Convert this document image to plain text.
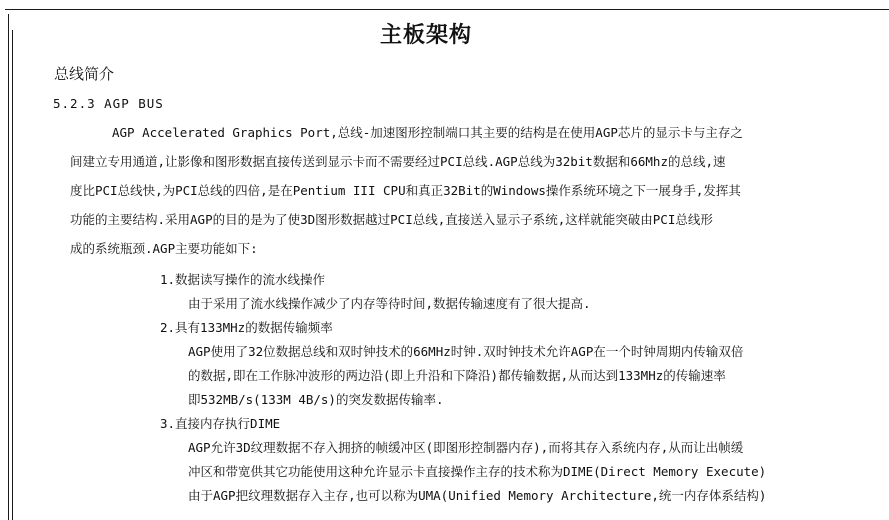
主板架构
总线简介
5.2.3 AGP BUS
AGP Accelerated Graphics Port,总线-加速图形控制端口其主要的结构是在使用AGP芯片的显示卡与主存之
间建立专用通道,让影像和图形数据直接传送到显示卡而不需要经过PCI总线.AGP总线为32bit数据和66Mhz的总线,速
度比PCI总线快,为PCI总线的四倍,是在Pentium III CPU和真正32Bit的Windows操作系统环境之下一展身手,发挥其
功能的主要结构.采用AGP的目的是为了使3D图形数据越过PCI总线,直接送入显示子系统,这样就能突破由PCI总线形
成的系统瓶颈.AGP主要功能如下:
1.数据读写操作的流水线操作
由于采用了流水线操作减少了内存等待时间,数据传输速度有了很大提高.
2.具有133MHz的数据传输频率
AGP使用了32位数据总线和双时钟技术的66MHz时钟.双时钟技术允许AGP在一个时钟周期内传输双倍
的数据,即在工作脉冲波形的两边沿(即上升沿和下降沿)都传输数据,从而达到133MHz的传输速率
即532MB/s(133M 4B/s)的突发数据传输率.
3.直接内存执行DIME
AGP允许3D纹理数据不存入拥挤的帧缓冲区(即图形控制器内存),而将其存入系统内存,从而让出帧缓
冲区和带宽供其它功能使用这种允许显示卡直接操作主存的技术称为DIME(Direct Memory Execute)
由于AGP把纹理数据存入主存,也可以称为UMA(Unified Memory Architecture,统一内存体系结构)
